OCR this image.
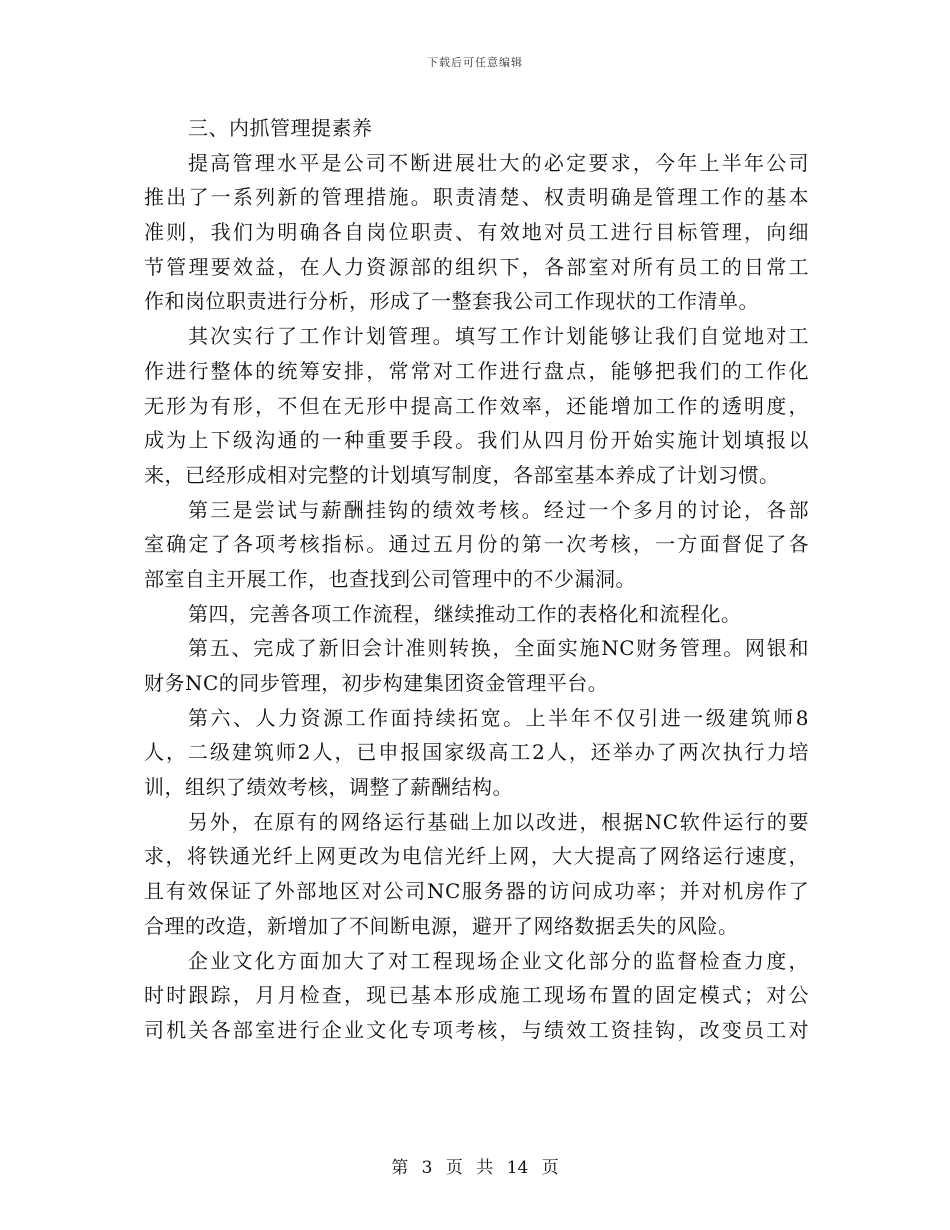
下载后可任意编辑
三、内抓管理提素养
提高管理水平是公司不断进展壮大的必定要求，今年上半年公司
推出了一系列新的管理措施。职责清楚、权责明确是管理工作的基本
准则，我们为明确各自岗位职责、有效地对员工进行目标管理，向细
节管理要效益，在人力资源部的组织下，各部室对所有员工的日常工
作和岗位职责进行分析，形成了一整套我公司工作现状的工作清单。
其次实行了工作计划管理。填写工作计划能够让我们自觉地对工
作进行整体的统筹安排，常常对工作进行盘点，能够把我们的工作化
无形为有形，不但在无形中提高工作效率，还能增加工作的透明度，
成为上下级沟通的一种重要手段。我们从四月份开始实施计划填报以
来，已经形成相对完整的计划填写制度，各部室基本养成了计划习惯。
第三是尝试与薪酬挂钩的绩效考核。经过一个多月的讨论，各部
室确定了各项考核指标。通过五月份的第一次考核，一方面督促了各
部室自主开展工作，也查找到公司管理中的不少漏洞。
第四，完善各项工作流程，继续推动工作的表格化和流程化。
第五、完成了新旧会计准则转换，全面实施NC财务管理。网银和
财务NC的同步管理，初步构建集团资金管理平台。
第六、人力资源工作面持续拓宽。上半年不仅引进一级建筑师8
人，二级建筑师2人，已申报国家级高工2人，还举办了两次执行力培
训，组织了绩效考核，调整了薪酬结构。
另外，在原有的网络运行基础上加以改进，根据NC软件运行的要
求，将铁通光纤上网更改为电信光纤上网，大大提高了网络运行速度，
且有效保证了外部地区对公司NC服务器的访问成功率；并对机房作了
合理的改造，新增加了不间断电源，避开了网络数据丢失的风险。
企业文化方面加大了对工程现场企业文化部分的监督检查力度，
时时跟踪，月月检查，现已基本形成施工现场布置的固定模式；对公
司机关各部室进行企业文化专项考核，与绩效工资挂钩，改变员工对
第 3 页 共 14 页
